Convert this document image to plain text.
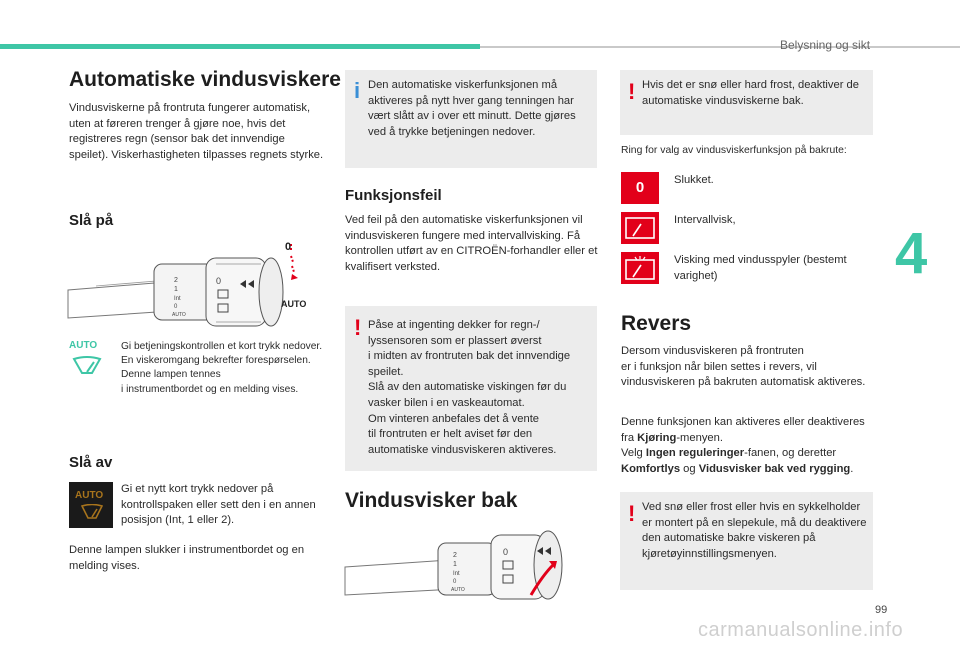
Belysning og sikt
4
99
Automatiske vindusviskere
Vindusviskerne på frontruta fungerer automatisk, uten at føreren trenger å gjøre noe, hvis det registreres regn (sensor bak det innvendige speilet). Viskerhastigheten tilpasses regnets styrke.
Slå på
2
1
Int
0
AUTO
0
0
AUTO
AUTO Gi betjeningskontrollen et kort trykk nedover.
En viskeromgang bekrefter forespørselen.
Denne lampen tennes
i instrumentbordet og en melding vises.
Slå av
AUTO
Gi et nytt kort trykk nedover på kontrollspaken eller sett den i en annen posisjon (Int, 1 eller 2).
Denne lampen slukker i instrumentbordet og en melding vises.
i Den automatiske viskerfunksjonen må aktiveres på nytt hver gang tenningen har vært slått av i over ett minutt. Dette gjøres ved å trykke betjeningen nedover.
Funksjonsfeil
Ved feil på den automatiske viskerfunksjonen vil vindusviskeren fungere med intervallvisking. Få kontrollen utført av en CITROËN-forhandler eller et kvalifisert verksted.
! Påse at ingenting dekker for regn-/ lyssensoren som er plassert øverst
i midten av frontruten bak det innvendige speilet.
Slå av den automatiske viskingen før du vasker bilen i en vaskeautomat.
Om vinteren anbefales det å vente
til frontruten er helt aviset før den automatiske vindusviskeren aktiveres.
Vindusvisker bak
2
1
Int
0
AUTO
0
! Hvis det er snø eller hard frost, deaktiver de automatiske vindusviskerne bak.
Ring for valg av vindusviskerfunksjon på bakrute:
0	Slukket.
Intervallvisk,
Visking med vindusspyler (bestemt varighet)
Revers
Dersom vindusviskeren på frontruten
er i funksjon når bilen settes i revers, vil vindusviskeren på bakruten automatisk aktiveres.
Denne funksjonen kan aktiveres eller deaktiveres fra Kjøring-menyen.
Velg Ingen reguleringer-fanen, og deretter Komfortlys og Vidusvisker bak ved rygging.
! Ved snø eller frost eller hvis en sykkelholder er montert på en slepekule, må du deaktivere den automatiske bakre viskeren på kjøretøyinnstillingsmenyen.
carmanualsonline.info
